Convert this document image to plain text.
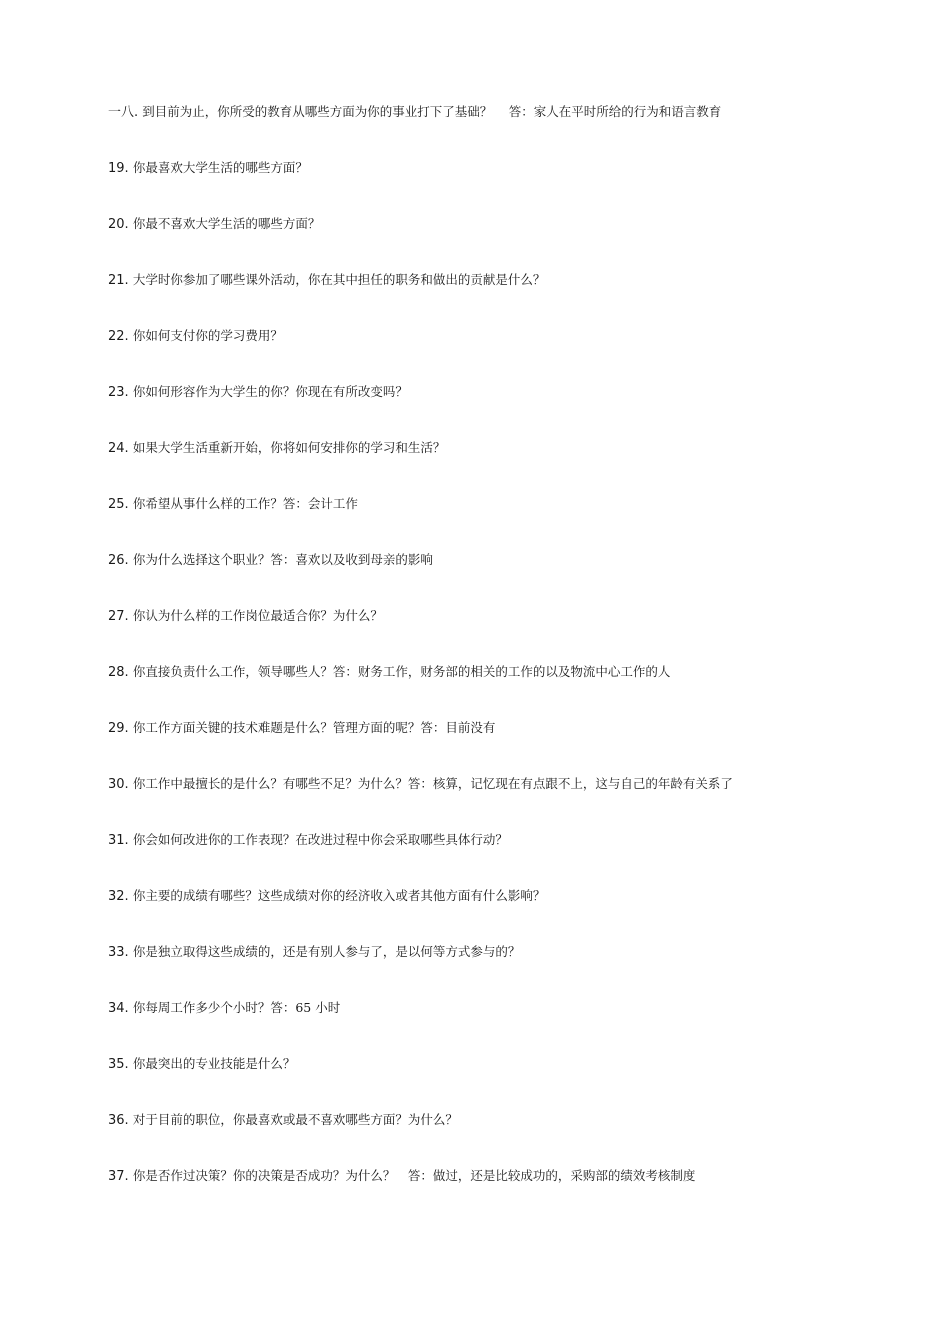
一八. 到目前为止，你所受的教育从哪些方面为你的事业打下了基础？　 答：家人在平时所给的行为和语言教育
19. 你最喜欢大学生活的哪些方面？
20. 你最不喜欢大学生活的哪些方面？
21. 大学时你参加了哪些课外活动，你在其中担任的职务和做出的贡献是什么？
22. 你如何支付你的学习费用？
23. 你如何形容作为大学生的你？你现在有所改变吗？
24. 如果大学生活重新开始，你将如何安排你的学习和生活？
25. 你希望从事什么样的工作？答：会计工作
26. 你为什么选择这个职业？答：喜欢以及收到母亲的影响
27. 你认为什么样的工作岗位最适合你？为什么？
28. 你直接负责什么工作，领导哪些人？答：财务工作，财务部的相关的工作的以及物流中心工作的人
29. 你工作方面关键的技术难题是什么？管理方面的呢？答：目前没有
30. 你工作中最擅长的是什么？有哪些不足？为什么？答：核算，记忆现在有点跟不上，这与自己的年龄有关系了
31. 你会如何改进你的工作表现？在改进过程中你会采取哪些具体行动？
32. 你主要的成绩有哪些？这些成绩对你的经济收入或者其他方面有什么影响？
33. 你是独立取得这些成绩的，还是有别人参与了，是以何等方式参与的？
34. 你每周工作多少个小时？答：65 小时
35. 你最突出的专业技能是什么？
36. 对于目前的职位，你最喜欢或最不喜欢哪些方面？为什么？
37. 你是否作过决策？你的决策是否成功？为什么？　答：做过，还是比较成功的，采购部的绩效考核制度
